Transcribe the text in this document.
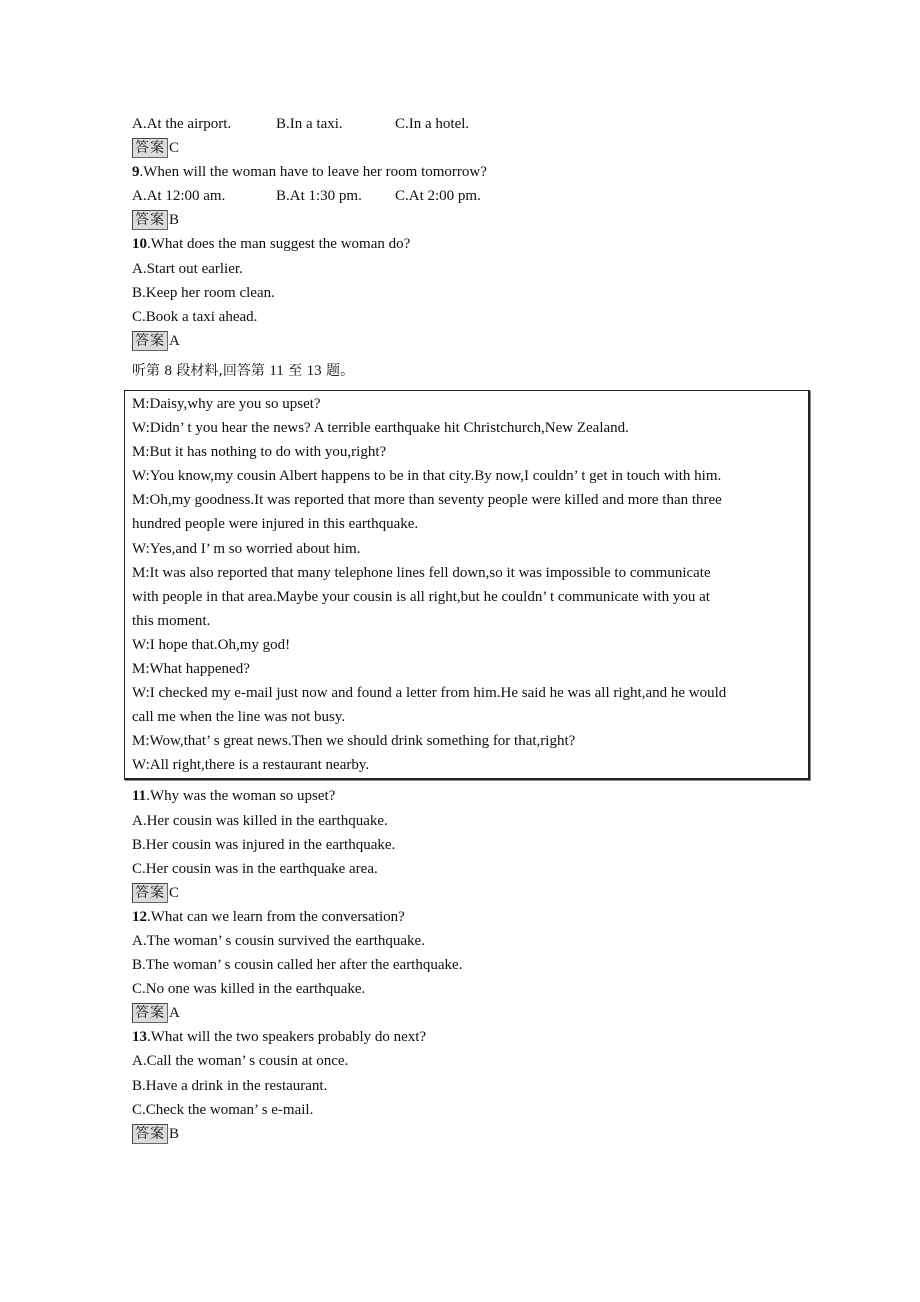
A.At the airport.	B.In a taxi.	C.In a hotel.
答案 C
9.When will the woman have to leave her room tomorrow?
A.At 12:00 am.	B.At 1:30 pm.	C.At 2:00 pm.
答案 B
10.What does the man suggest the woman do?
A.Start out earlier.
B.Keep her room clean.
C.Book a taxi ahead.
答案 A
听第 8 段材料,回答第 11 至 13 题。
M:Daisy,why are you so upset?
W:Didn’ t you hear the news? A terrible earthquake hit Christchurch,New Zealand.
M:But it has nothing to do with you,right?
W:You know,my cousin Albert happens to be in that city.By now,I couldn’ t get in touch with him.
M:Oh,my goodness.It was reported that more than seventy people were killed and more than three
hundred people were injured in this earthquake.
W:Yes,and I’ m so worried about him.
M:It was also reported that many telephone lines fell down,so it was impossible to communicate
with people in that area.Maybe your cousin is all right,but he couldn’ t communicate with you at
this moment.
W:I hope that.Oh,my god!
M:What happened?
W:I checked my e-mail just now and found a letter from him.He said he was all right,and he would
call me when the line was not busy.
M:Wow,that’ s great news.Then we should drink something for that,right?
W:All right,there is a restaurant nearby.
11.Why was the woman so upset?
A.Her cousin was killed in the earthquake.
B.Her cousin was injured in the earthquake.
C.Her cousin was in the earthquake area.
答案 C
12.What can we learn from the conversation?
A.The woman’ s cousin survived the earthquake.
B.The woman’ s cousin called her after the earthquake.
C.No one was killed in the earthquake.
答案 A
13.What will the two speakers probably do next?
A.Call the woman’ s cousin at once.
B.Have a drink in the restaurant.
C.Check the woman’ s e-mail.
答案 B
